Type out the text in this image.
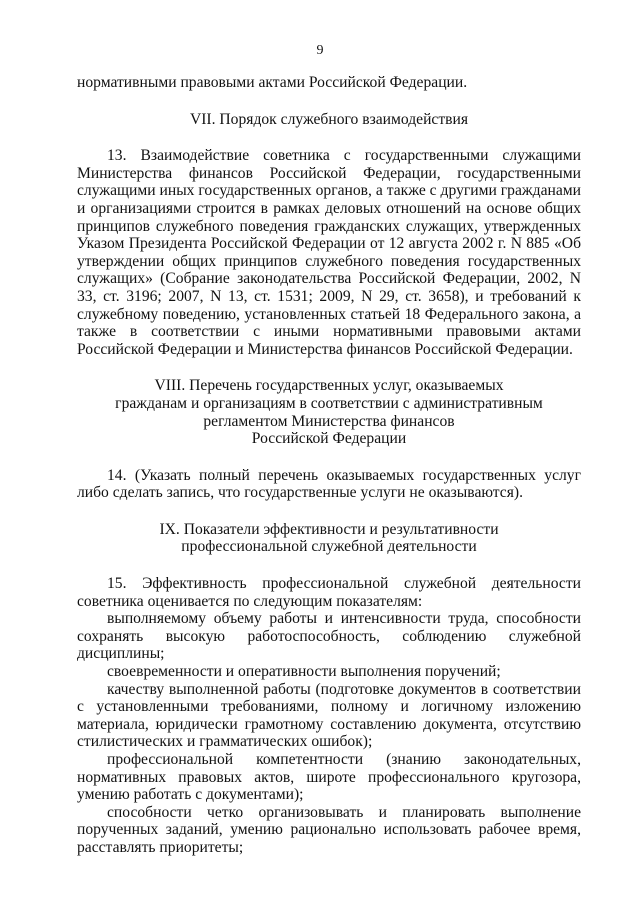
9

нормативными правовыми актами Российской Федерации.

VII. Порядок служебного взаимодействия

13. Взаимодействие советника с государственными служащими Министерства финансов Российской Федерации, государственными служащими иных государственных органов, а также с другими гражданами и организациями строится в рамках деловых отношений на основе общих принципов служебного поведения гражданских служащих, утвержденных Указом Президента Российской Федерации от 12 августа 2002 г. N 885 «Об утверждении общих принципов служебного поведения государственных служащих» (Собрание законодательства Российской Федерации, 2002, N 33, ст. 3196; 2007, N 13, ст. 1531; 2009, N 29, ст. 3658), и требований к служебному поведению, установленных статьей 18 Федерального закона, а также в соответствии с иными нормативными правовыми актами Российской Федерации и Министерства финансов Российской Федерации.

VIII. Перечень государственных услуг, оказываемых

гражданам и организациям в соответствии с административным

регламентом Министерства финансов

Российской Федерации

14. (Указать полный перечень оказываемых государственных услуг либо сделать запись, что государственные услуги не оказываются).

IX. Показатели эффективности и результативности

профессиональной служебной деятельности

15. Эффективность профессиональной служебной деятельности советника оценивается по следующим показателям:

выполняемому объему работы и интенсивности труда, способности сохранять высокую работоспособность, соблюдению служебной дисциплины;

своевременности и оперативности выполнения поручений;

качеству выполненной работы (подготовке документов в соответствии с установленными требованиями, полному и логичному изложению материала, юридически грамотному составлению документа, отсутствию стилистических и грамматических ошибок);

профессиональной компетентности (знанию законодательных, нормативных правовых актов, широте профессионального кругозора, умению работать с документами);

способности четко организовывать и планировать выполнение порученных заданий, умению рационально использовать рабочее время, расставлять приоритеты;
